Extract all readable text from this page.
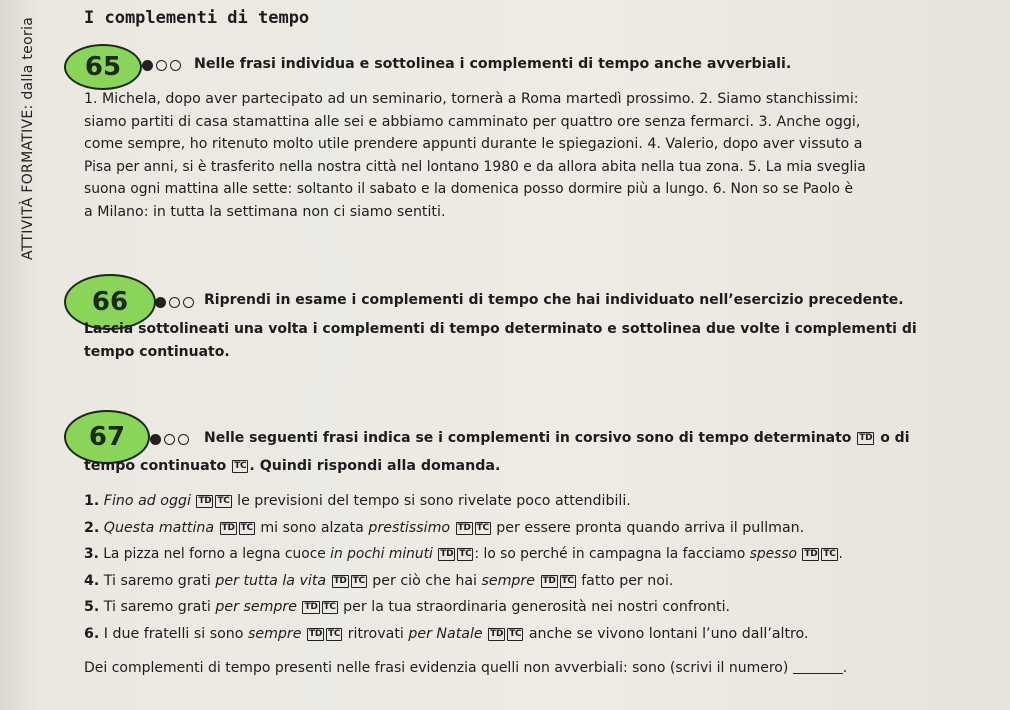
ATTIVITÀ FORMATIVE: dalla teoria	I complementi di tempo
65	Nelle frasi individua e sottolinea i complementi di tempo anche avverbiali.

1. Michela, dopo aver partecipato ad un seminario, tornerà a Roma martedì prossimo. 2. Siamo stanchissimi:

siamo partiti di casa stamattina alle sei e abbiamo camminato per quattro ore senza fermarci. 3. Anche oggi,

come sempre, ho ritenuto molto utile prendere appunti durante le spiegazioni. 4. Valerio, dopo aver vissuto a

Pisa per anni, si è trasferito nella nostra città nel lontano 1980 e da allora abita nella tua zona. 5. La mia sveglia

suona ogni mattina alle sette: soltanto il sabato e la domenica posso dormire più a lungo. 6. Non so se Paolo è

a Milano: in tutta la settimana non ci siamo sentiti.

66	Riprendi in esame i complementi di tempo che hai individuato nell’esercizio precedente.

Lascia sottolineati una volta i complementi di tempo determinato e sottolinea due volte i complementi di

tempo continuato.

67	Nelle seguenti frasi indica se i complementi in corsivo sono di tempo determinato TD o di
tempo continuato TC . Quindi rispondi alla domanda.
1. Fino ad oggi TD TC le previsioni del tempo si sono rivelate poco attendibili.
2. Questa mattina TD TC mi sono alzata prestissimo TD TC per essere pronta quando arriva il pullman.
3. La pizza nel forno a legna cuoce in pochi minuti TD TC : lo so perché in campagna la facciamo spesso TD TC .
4. Ti saremo grati per tutta la vita TD TC per ciò che hai sempre TD TC fatto per noi.
5. Ti saremo grati per sempre TD TC per la tua straordinaria generosità nei nostri confronti.
6. I due fratelli si sono sempre TD TC ritrovati per Natale TD TC anche se vivono lontani l’uno dall’altro.
Dei complementi di tempo presenti nelle frasi evidenzia quelli non avverbiali: sono (scrivi il numero)	.
